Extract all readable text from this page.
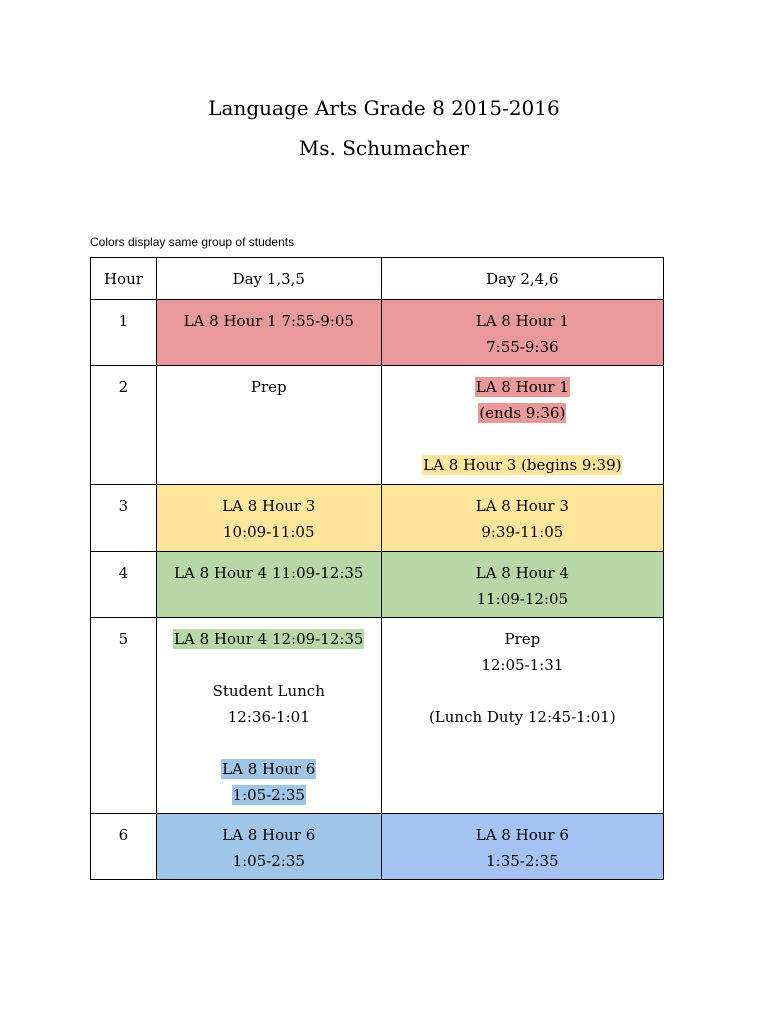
Language Arts Grade 8 2015-2016
Ms. Schumacher
Colors display same group of students
Hour	Day 1,3,5	Day 2,4,6

1	LA 8 Hour 1 7:55-9:05	LA 8 Hour 1
7:55-9:36

2	Prep	LA 8 Hour 1
(ends 9:36)
LA 8 Hour 3 (begins 9:39)

3	LA 8 Hour 3
10:09-11:05	LA 8 Hour 3
9:39-11:05

4	LA 8 Hour 4 11:09-12:35	LA 8 Hour 4
11:09-12:05

5	LA 8 Hour 4 12:09-12:35
Student Lunch
12:36-1:01
LA 8 Hour 6
1:05-2:35	Prep
12:05-1:31
(Lunch Duty 12:45-1:01)

6	LA 8 Hour 6
1:05-2:35	LA 8 Hour 6
1:35-2:35
